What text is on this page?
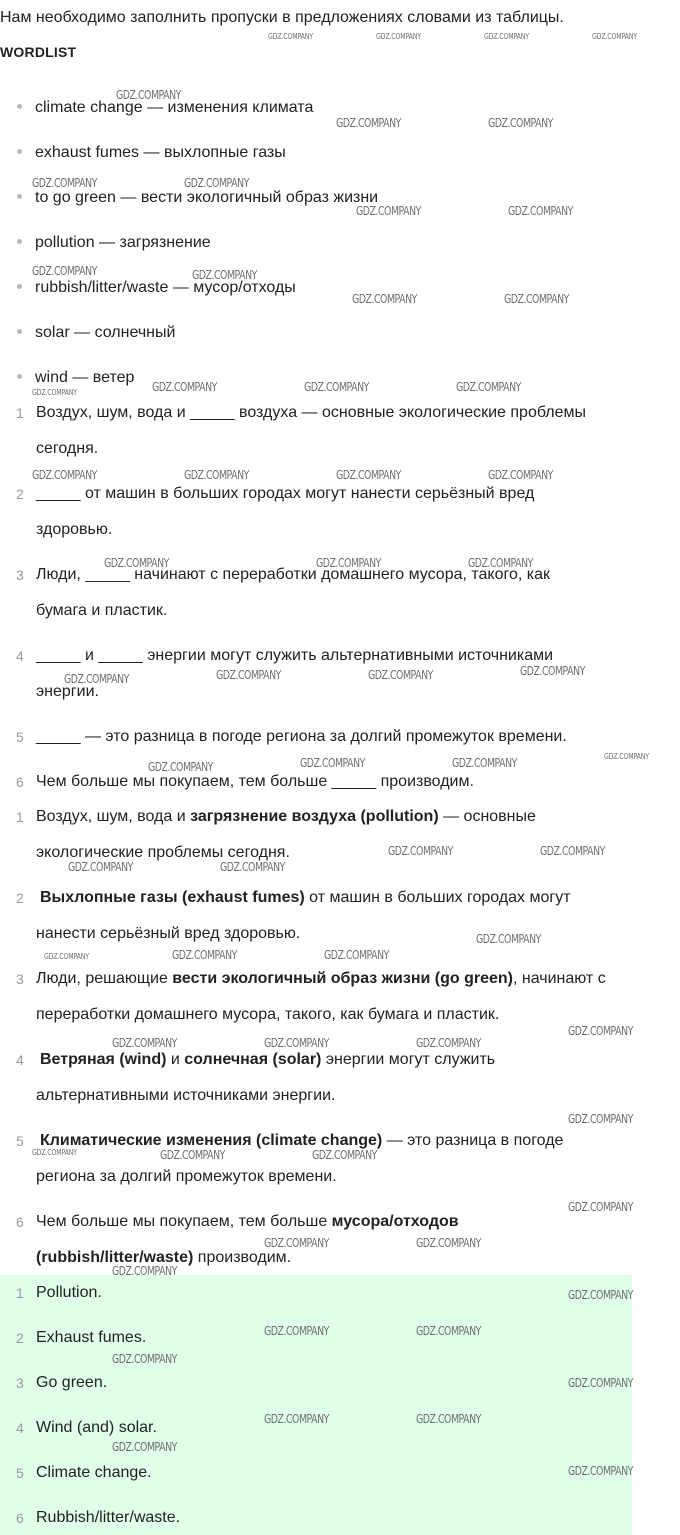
Нам необходимо заполнить пропуски в предложениях словами из таблицы.
WORDLIST
climate change — изменения климата
exhaust fumes — выхлопные газы
to go green — вести экологичный образ жизни
pollution — загрязнение
rubbish/litter/waste — мусор/отходы
solar — солнечный
wind — ветер
1 Воздух, шум, вода и _____ воздуха — основные экологические проблемы
сегодня.
2 _____ от машин в больших городах могут нанести серьёзный вред
здоровью.
3 Люди, _____ начинают с переработки домашнего мусора, такого, как
бумага и пластик.
4 _____ и _____ энергии могут служить альтернативными источниками
энергии.
5 _____ — это разница в погоде региона за долгий промежуток времени.
6 Чем больше мы покупаем, тем больше _____ производим.
1 Воздух, шум, вода и загрязнение воздуха (pollution) — основные
экологические проблемы сегодня.
2 Выхлопные газы (exhaust fumes) от машин в больших городах могут
нанести серьёзный вред здоровью.
3 Люди, решающие вести экологичный образ жизни (go green), начинают с
переработки домашнего мусора, такого, как бумага и пластик.
4 Ветряная (wind) и солнечная (solar) энергии могут служить
альтернативными источниками энергии.
5 Климатические изменения (climate change) — это разница в погоде
региона за долгий промежуток времени.
6 Чем больше мы покупаем, тем больше мусора/отходов
(rubbish/litter/waste) производим.
1 Pollution.
2 Exhaust fumes.
3 Go green.
4 Wind (and) solar.
5 Climate change.
6 Rubbish/litter/waste.
GDZ.COMPANY	GDZ.COMPANY	GDZ.COMPANY	GDZ.COMPANY
GDZ.COMPANY
GDZ.COMPANY	GDZ.COMPANY
GDZ.COMPANY	GDZ.COMPANY
GDZ.COMPANY	GDZ.COMPANY
GDZ.COMPANY	GDZ.COMPANY
GDZ.COMPANY	GDZ.COMPANY
GDZ.COMPANY	GDZ.COMPANY	GDZ.COMPANY
GDZ.COMPANY
GDZ.COMPANY	GDZ.COMPANY	GDZ.COMPANY	GDZ.COMPANY
GDZ.COMPANY	GDZ.COMPANY	GDZ.COMPANY
GDZ.COMPANY	GDZ.COMPANY	GDZ.COMPANY	GDZ.COMPANY
GDZ.COMPANY
GDZ.COMPANY	GDZ.COMPANY	GDZ.COMPANY
GDZ.COMPANY	GDZ.COMPANY
GDZ.COMPANY	GDZ.COMPANY
GDZ.COMPANY
GDZ.COMPANY	GDZ.COMPANY	GDZ.COMPANY
GDZ.COMPANY
GDZ.COMPANY	GDZ.COMPANY	GDZ.COMPANY
GDZ.COMPANY
GDZ.COMPANY	GDZ.COMPANY	GDZ.COMPANY
GDZ.COMPANY
GDZ.COMPANY	GDZ.COMPANY
GDZ.COMPANY
GDZ.COMPANY
GDZ.COMPANY	GDZ.COMPANY
GDZ.COMPANY
GDZ.COMPANY
GDZ.COMPANY	GDZ.COMPANY
GDZ.COMPANY
GDZ.COMPANY
